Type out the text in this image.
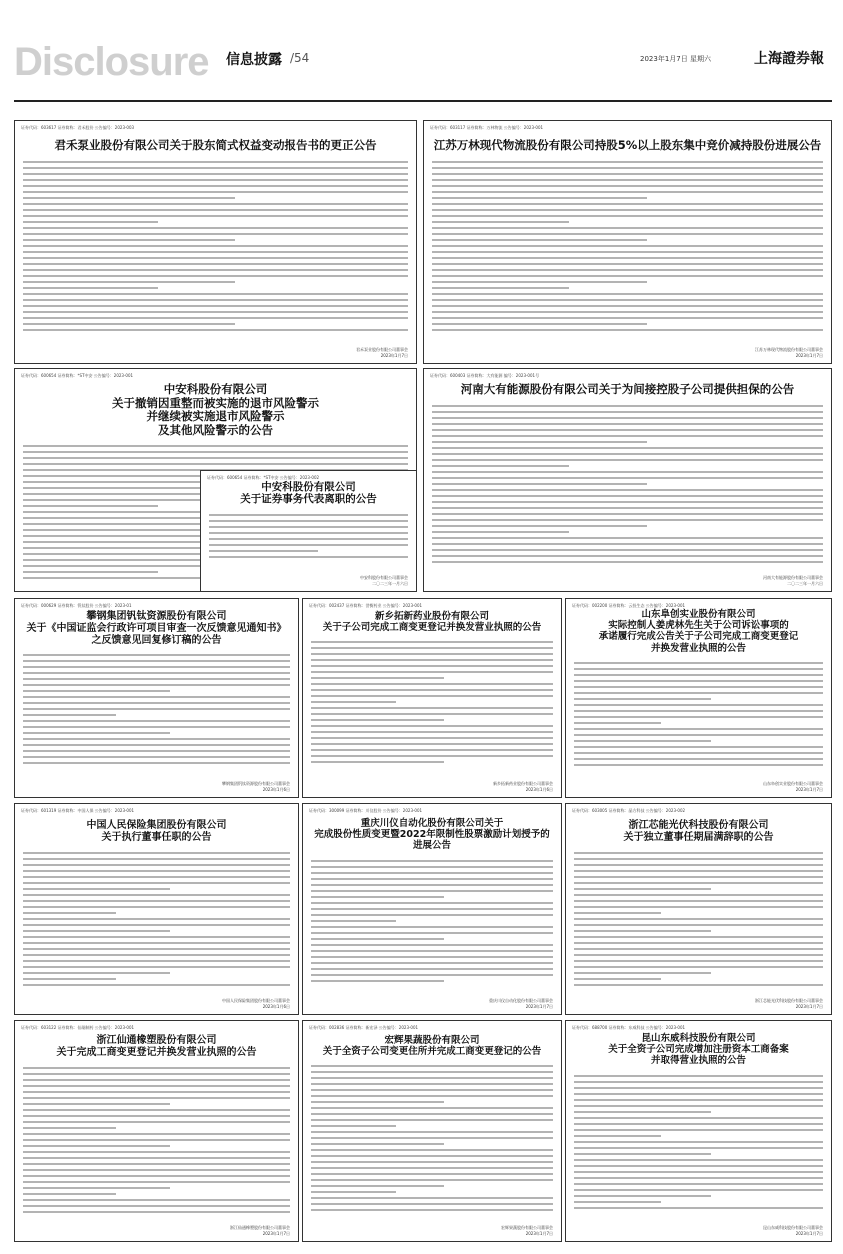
Disclosure 信息披露 /54	2023年1月7日 星期六	上海證券報
证券代码：603617 证券简称：君禾股份 公告编号：2023-003
君禾泵业股份有限公司关于股东简式权益变动报告书的更正公告
君禾泵业股份有限公司董事会
2023年1月7日
证券代码：603117 证券简称：万林物流 公告编号：2023-001
江苏万林现代物流股份有限公司持股5%以上股东集中竞价减持股份进展公告
江苏万林现代物流股份有限公司董事会
2023年1月7日
证券代码：600654 证券简称：*ST中安 公告编号：2023-001
中安科股份有限公司
关于撤销因重整而被实施的退市风险警示
并继续被实施退市风险警示
及其他风险警示的公告
证券代码：600403 证券简称：大有能源 编号：2023-001号
河南大有能源股份有限公司关于为间接控股子公司提供担保的公告
河南大有能源股份有限公司董事会
二〇二三年一月六日
证券代码：600654 证券简称：*ST中安 公告编号：2023-002
中安科股份有限公司
关于证券事务代表离职的公告
中安科股份有限公司董事会
二〇二三年一月六日
证券代码：000629 证券简称：钒钛股份 公告编号：2023-01
攀钢集团钒钛资源股份有限公司
关于《中国证监会行政许可项目审查一次反馈意见通知书》
之反馈意见回复修订稿的公告
攀钢集团钒钛资源股份有限公司董事会
2023年1月6日
证券代码：002437 证券简称：誉衡药业 公告编号：2023-001
新乡拓新药业股份有限公司
关于子公司完成工商变更登记并换发营业执照的公告
新乡拓新药业股份有限公司董事会
2023年1月6日
证券代码：002200 证券简称：云投生态 公告编号：2023-001
山东阜创实业股份有限公司
实际控制人姜虎林先生关于公司诉讼事项的
承诺履行完成公告关于子公司完成工商变更登记
并换发营业执照的公告
山东阜创实业股份有限公司董事会
2023年1月7日
证券代码：601319 证券简称：中国人保 公告编号：2023-001
中国人民保险集团股份有限公司
关于执行董事任职的公告
中国人民保险集团股份有限公司董事会
2023年1月6日
证券代码：300099 证券简称：川仪股份 公告编号：2023-001
重庆川仪自动化股份有限公司关于
完成股份性质变更暨2022年限制性股票激励计划授予的
进展公告
重庆川仪自动化股份有限公司董事会
2023年1月7日
证券代码：603005 证券简称：晶方科技 公告编号：2023-002
浙江芯能光伏科技股份有限公司
关于独立董事任期届满辞职的公告
浙江芯能光伏科技股份有限公司董事会
2023年1月7日
证券代码：603122 证券简称：仙琚制药 公告编号：2023-001
浙江仙通橡塑股份有限公司
关于完成工商变更登记并换发营业执照的公告
浙江仙通橡塑股份有限公司董事会
2023年1月7日
证券代码：002836 证券简称：新宏泽 公告编号：2023-001
宏辉果蔬股份有限公司
关于全资子公司变更住所并完成工商变更登记的公告
宏辉果蔬股份有限公司董事会
2023年1月7日
证券代码：688700 证券简称：东威科技 公告编号：2023-001
昆山东威科技股份有限公司
关于全资子公司完成增加注册资本工商备案
并取得营业执照的公告
昆山东威科技股份有限公司董事会
2023年1月7日
